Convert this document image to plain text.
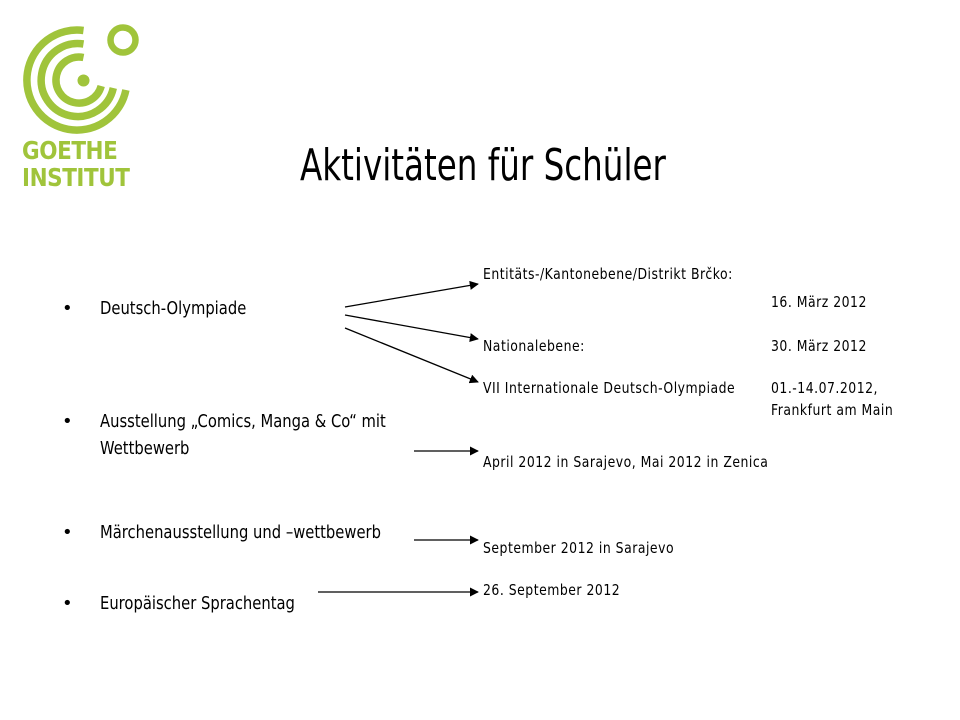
GOETHE
INSTITUT	Aktivitäten für Schüler
• Deutsch-Olympiade
• Ausstellung „Comics, Manga & Co“ mit
Wettbewerb
• Märchenausstellung und –wettbewerb
• Europäischer Sprachentag
Entitäts-/Kantonebene/Distrikt Brčko:
16. März 2012
Nationalebene:	30. März 2012
VII Internationale Deutsch-Olympiade 01.-14.07.2012,
Frankfurt am Main
April 2012 in Sarajevo, Mai 2012 in Zenica
September 2012 in Sarajevo
26. September 2012
